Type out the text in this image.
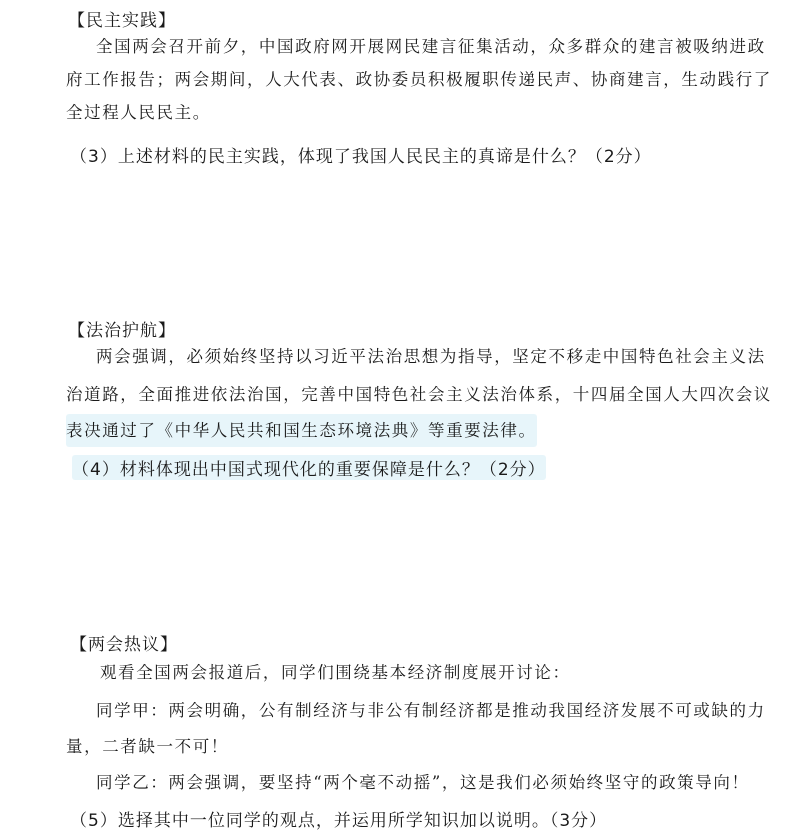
【民主实践】
全国两会召开前夕，中国政府网开展网民建言征集活动，众多群众的建言被吸纳进政
府工作报告；两会期间，人大代表、政协委员积极履职传递民声、协商建言，生动践行了
全过程人民民主。
（3）上述材料的民主实践，体现了我国人民民主的真谛是什么？（2分）
【法治护航】
两会强调，必须始终坚持以习近平法治思想为指导，坚定不移走中国特色社会主义法
治道路，全面推进依法治国，完善中国特色社会主义法治体系，十四届全国人大四次会议
表决通过了《中华人民共和国生态环境法典》等重要法律。
（4）材料体现出中国式现代化的重要保障是什么？（2分）
【两会热议】
观看全国两会报道后，同学们围绕基本经济制度展开讨论：
同学甲：两会明确，公有制经济与非公有制经济都是推动我国经济发展不可或缺的力
量，二者缺一不可！
同学乙：两会强调，要坚持“两个毫不动摇”，这是我们必须始终坚守的政策导向！
（5）选择其中一位同学的观点，并运用所学知识加以说明。（3分）
